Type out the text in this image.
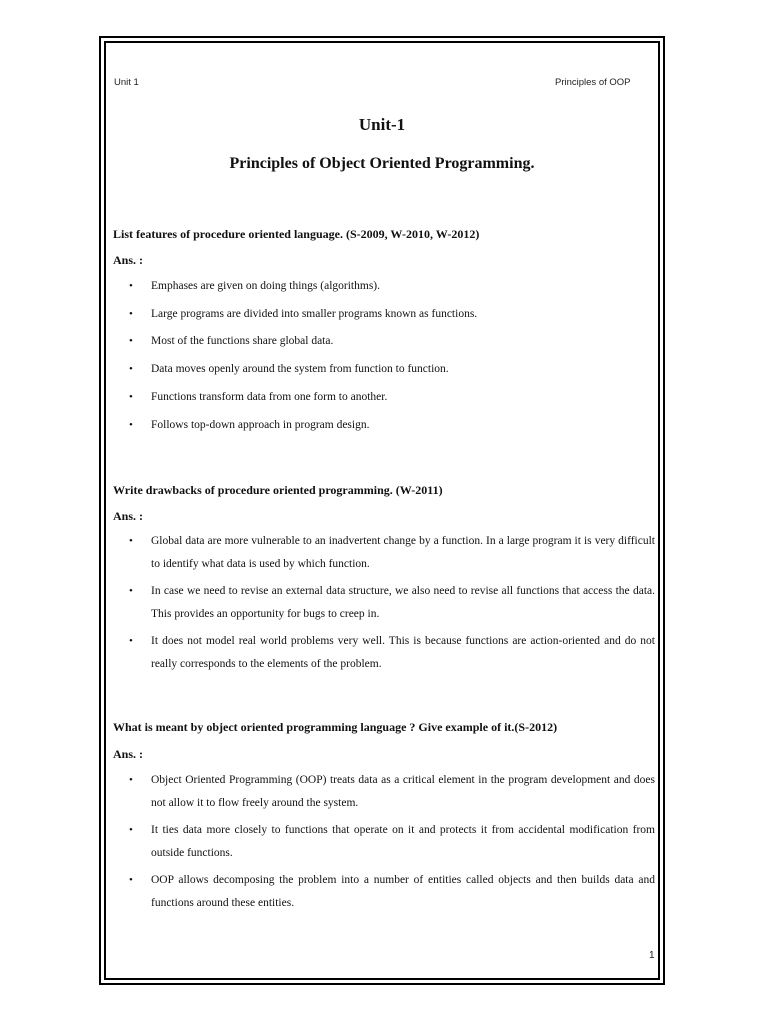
Unit 1	Principles of OOP
Unit-1
Principles of Object Oriented Programming.
List features of procedure oriented language. (S-2009, W-2010, W-2012)
Ans. :
•	Emphases are given on doing things (algorithms).
•	Large programs are divided into smaller programs known as functions.
•	Most of the functions share global data.
•	Data moves openly around the system from function to function.
•	Functions transform data from one form to another.
•	Follows top-down approach in program design.
Write drawbacks of procedure oriented programming. (W-2011)
Ans. :
•	Global data are more vulnerable to an inadvertent change by a function. In a large program it is very difficult to identify what data is used by which function.
•	In case we need to revise an external data structure, we also need to revise all functions that access the data. This provides an opportunity for bugs to creep in.
•	It does not model real world problems very well. This is because functions are action-oriented and do not really corresponds to the elements of the problem.
What is meant by object oriented programming language ? Give example of it.(S-2012)
Ans. :
•	Object Oriented Programming (OOP) treats data as a critical element in the program development and does not allow it to flow freely around the system.
•	It ties data more closely to functions that operate on it and protects it from accidental modification from outside functions.
•	OOP allows decomposing the problem into a number of entities called objects and then builds data and functions around these entities.
1
